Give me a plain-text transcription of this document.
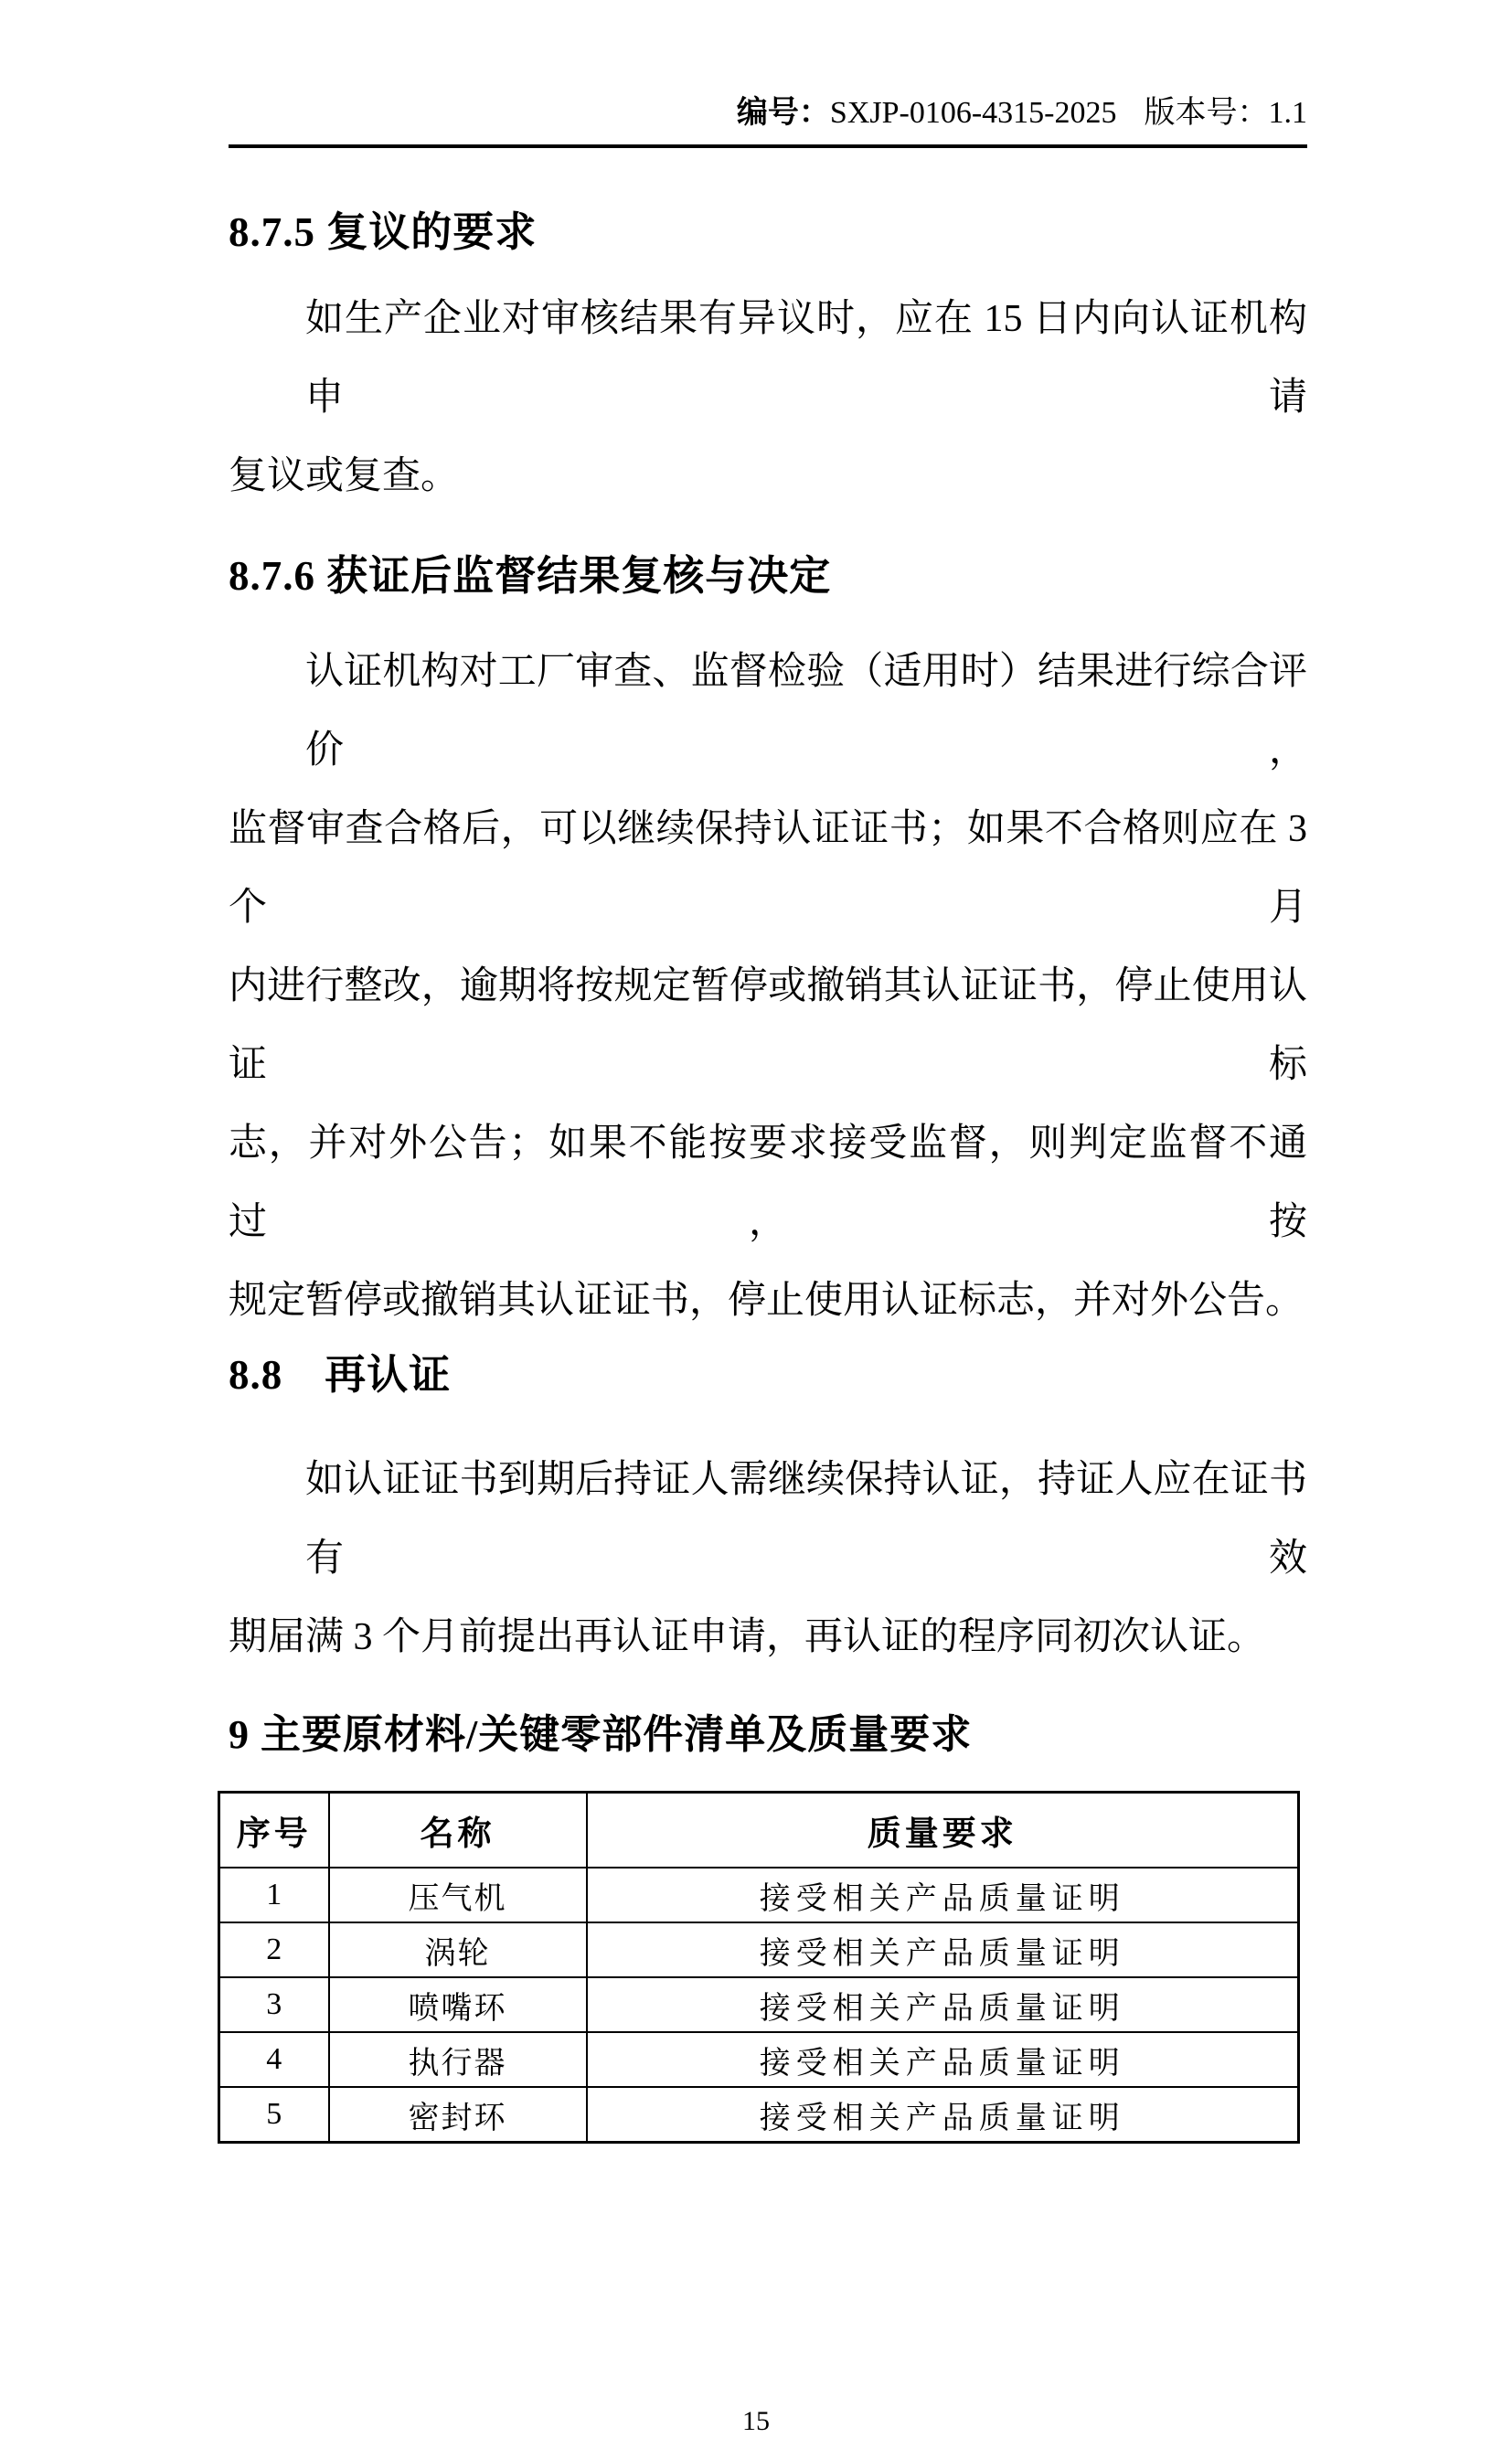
编号：SXJP-0106-4315-2025 版本号：1.1
8.7.5 复议的要求
如生产企业对审核结果有异议时，应在 15 日内向认证机构申请
复议或复查。
8.7.6 获证后监督结果复核与决定
认证机构对工厂审查、监督检验（适用时）结果进行综合评价，
监督审查合格后，可以继续保持认证证书；如果不合格则应在 3 个月
内进行整改，逾期将按规定暂停或撤销其认证证书，停止使用认证标
志，并对外公告；如果不能按要求接受监督，则判定监督不通过，按
规定暂停或撤销其认证证书，停止使用认证标志，并对外公告。
8.8　再认证
如认证证书到期后持证人需继续保持认证，持证人应在证书有效
期届满 3 个月前提出再认证申请，再认证的程序同初次认证。
9 主要原材料/关键零部件清单及质量要求
序号	名称	质量要求
1	压气机	接受相关产品质量证明
2	涡轮	接受相关产品质量证明
3	喷嘴环	接受相关产品质量证明
4	执行器	接受相关产品质量证明
5	密封环	接受相关产品质量证明
15
